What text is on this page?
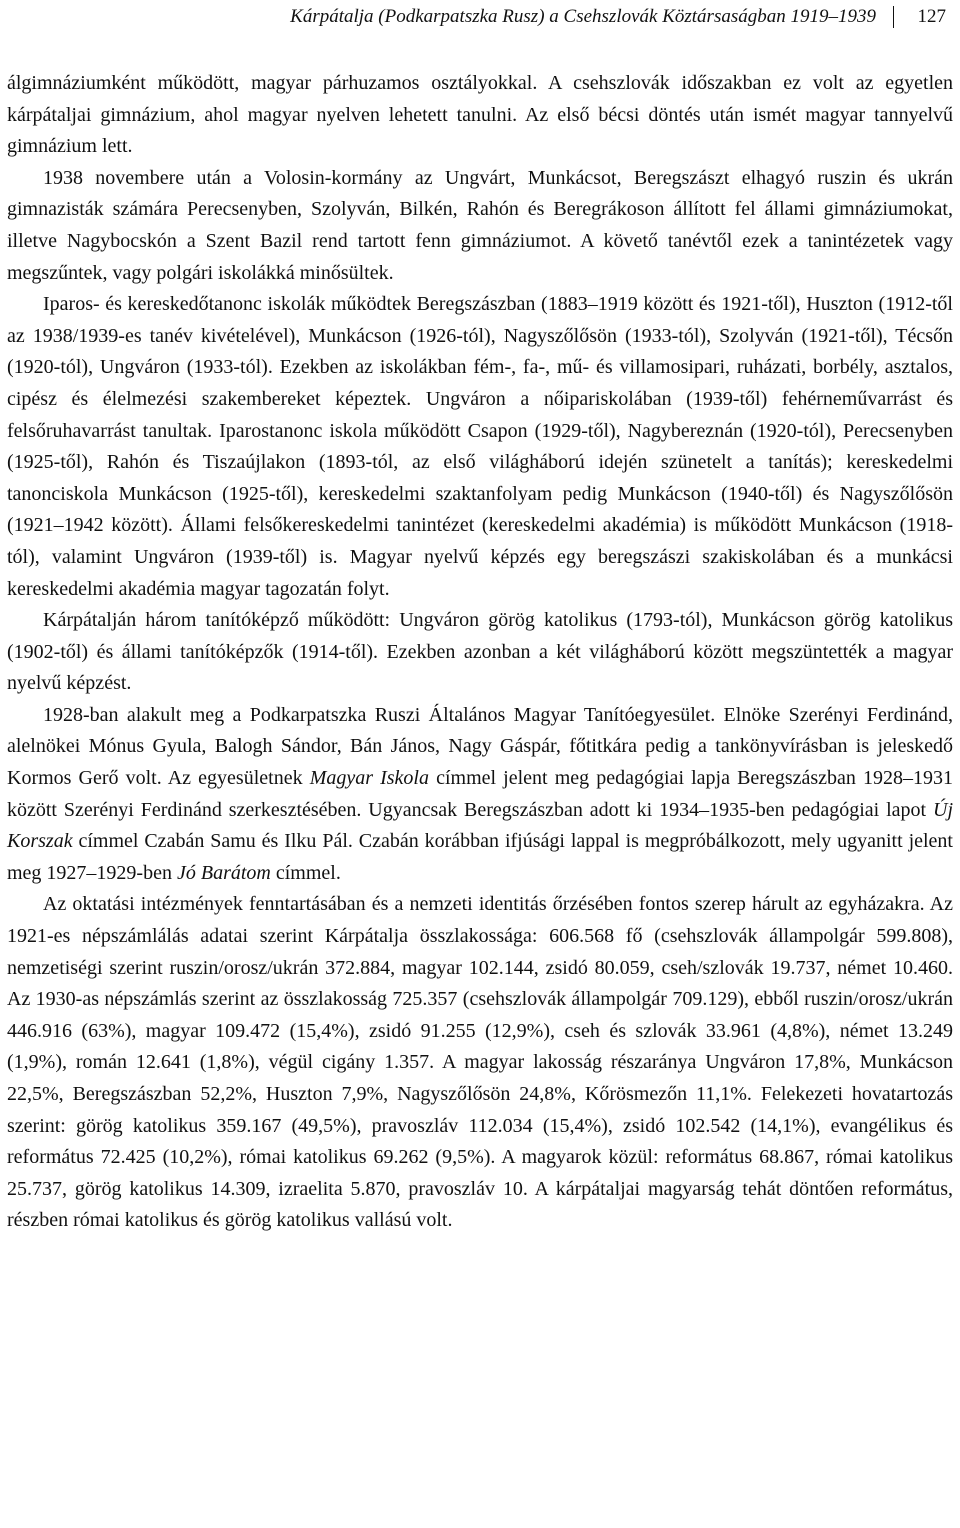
Kárpátalja (Podkarpatszka Rusz) a Csehszlovák Köztársaságban 1919–1939 127

álgimnáziumként működött, magyar párhuzamos osztályokkal. A csehszlovák időszakban ez volt az egyetlen kárpátaljai gimnázium, ahol magyar nyelven lehetett tanulni. Az első bécsi döntés után ismét magyar tannyelvű gimnázium lett.

1938 novembere után a Volosin-kormány az Ungvárt, Munkácsot, Beregszászt elhagyó ruszin és ukrán gimnazisták számára Perecsenyben, Szolyván, Bilkén, Rahón és Beregrákoson állított fel állami gimnáziumokat, illetve Nagybocskón a Szent Bazil rend tartott fenn gimnáziumot. A követő tanévtől ezek a tanintézetek vagy megszűntek, vagy polgári iskolákká minősültek.

Iparos- és kereskedőtanonc iskolák működtek Beregszászban (1883–1919 között és 1921-től), Huszton (1912-től az 1938/1939-es tanév kivételével), Munkácson (1926-tól), Nagyszőlősön (1933-tól), Szolyván (1921-től), Técsőn (1920-tól), Ungváron (1933-tól). Ezekben az iskolákban fém-, fa-, mű- és villamosipari, ruházati, borbély, asztalos, cipész és élelmezési szakembereket képeztek. Ungváron a nőipariskolában (1939-től) fehérneművarrást és felsőruhavarrást tanultak. Iparostanonc iskola működött Csapon (1929-től), Nagybereznán (1920-tól), Perecsenyben (1925-től), Rahón és Tiszaújlakon (1893-tól, az első világháború idején szünetelt a tanítás); kereskedelmi tanonciskola Munkácson (1925-től), kereskedelmi szaktanfolyam pedig Munkácson (1940-től) és Nagyszőlősön (1921–1942 között). Állami felsőkereskedelmi tanintézet (kereskedelmi akadémia) is működött Munkácson (1918-tól), valamint Ungváron (1939-től) is. Magyar nyelvű képzés egy beregszászi szakiskolában és a munkácsi kereskedelmi akadémia magyar tagozatán folyt.

Kárpátalján három tanítóképző működött: Ungváron görög katolikus (1793-tól), Munkácson görög katolikus (1902-től) és állami tanítóképzők (1914-től). Ezekben azonban a két világháború között megszüntették a magyar nyelvű képzést.

1928-ban alakult meg a Podkarpatszka Ruszi Általános Magyar Tanítóegyesület. Elnöke Szerényi Ferdinánd, alelnökei Mónus Gyula, Balogh Sándor, Bán János, Nagy Gáspár, főtitkára pedig a tankönyvírásban is jeleskedő Kormos Gerő volt. Az egyesületnek Magyar Iskola címmel jelent meg pedagógiai lapja Beregszászban 1928–1931 között Szerényi Ferdinánd szerkesztésében. Ugyancsak Beregszászban adott ki 1934–1935-ben pedagógiai lapot Új Korszak címmel Czabán Samu és Ilku Pál. Czabán korábban ifjúsági lappal is megpróbálkozott, mely ugyanitt jelent meg 1927–1929-ben Jó Barátom címmel.

Az oktatási intézmények fenntartásában és a nemzeti identitás őrzésében fontos szerep hárult az egyházakra. Az 1921-es népszámlálás adatai szerint Kárpátalja összlakossága: 606.568 fő (csehszlovák állampolgár 599.808), nemzetiségi szerint ruszin/orosz/ukrán 372.884, magyar 102.144, zsidó 80.059, cseh/szlovák 19.737, német 10.460. Az 1930-as népszámlás szerint az összlakosság 725.357 (csehszlovák állampolgár 709.129), ebből ruszin/orosz/ukrán 446.916 (63%), magyar 109.472 (15,4%), zsidó 91.255 (12,9%), cseh és szlovák 33.961 (4,8%), német 13.249 (1,9%), román 12.641 (1,8%), végül cigány 1.357. A magyar lakosság részaránya Ungváron 17,8%, Munkácson 22,5%, Beregszászban 52,2%, Huszton 7,9%, Nagyszőlősön 24,8%, Kőrösmezőn 11,1%. Felekezeti hovatartozás szerint: görög katolikus 359.167 (49,5%), pravoszláv 112.034 (15,4%), zsidó 102.542 (14,1%), evangélikus és református 72.425 (10,2%), római katolikus 69.262 (9,5%). A magyarok közül: református 68.867, római katolikus 25.737, görög katolikus 14.309, izraelita 5.870, pravoszláv 10. A kárpátaljai magyarság tehát döntően református, részben római katolikus és görög katolikus vallású volt.
